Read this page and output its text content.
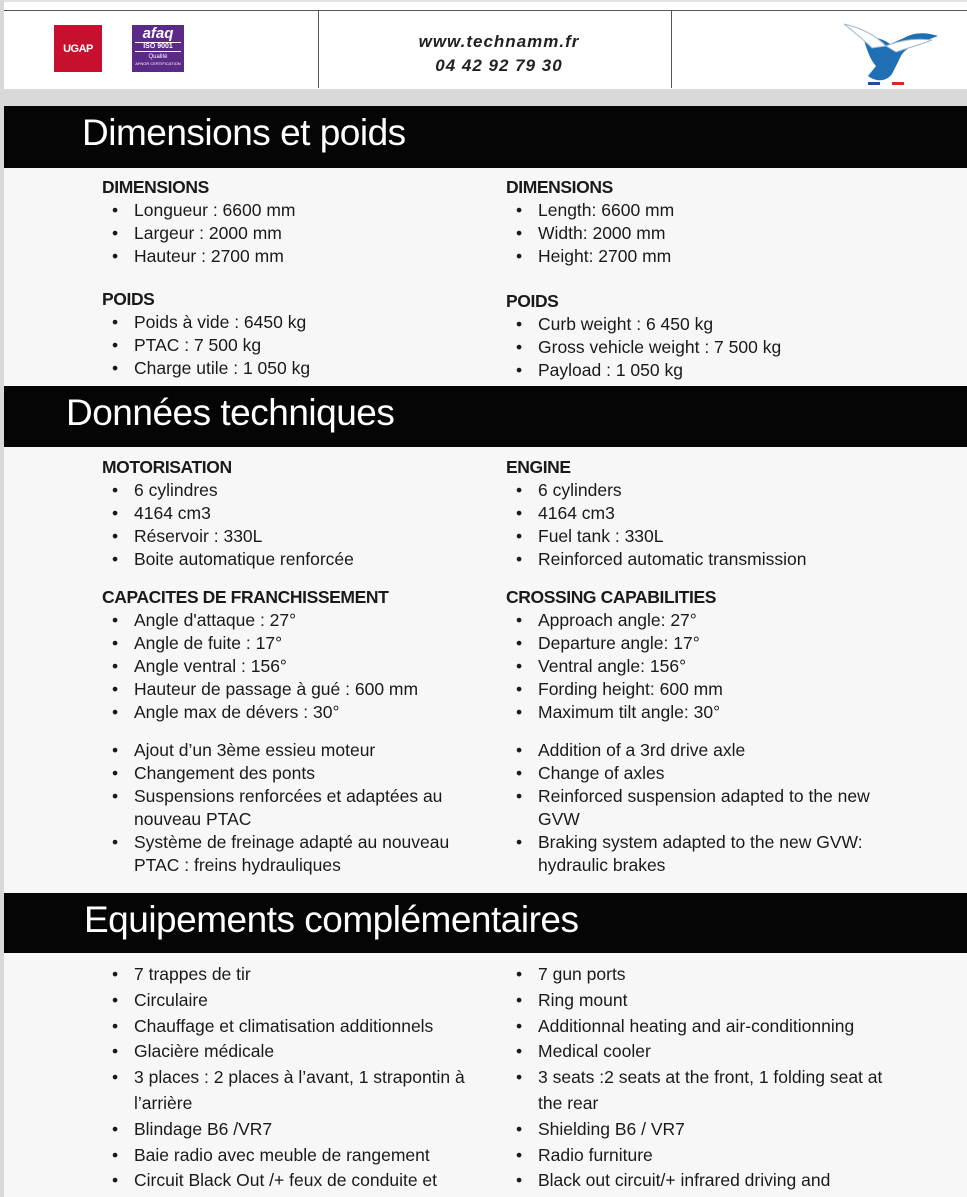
UGAP
afaq
ISO 9001
Qualité
AFNOR CERTIFICATION
www.technamm.fr
04 42 92 79 30
Dimensions et poids
DIMENSIONS
• Longueur : 6600 mm
• Largeur : 2000 mm
• Hauteur : 2700 mm
POIDS
• Poids à vide : 6450 kg
• PTAC : 7 500 kg
• Charge utile : 1 050 kg
DIMENSIONS
• Length: 6600 mm
• Width: 2000 mm
• Height: 2700 mm
POIDS
• Curb weight : 6 450 kg
• Gross vehicle weight : 7 500 kg
• Payload : 1 050 kg
Données techniques
MOTORISATION
• 6 cylindres
• 4164 cm3
• Réservoir : 330L
• Boite automatique renforcée
CAPACITES DE FRANCHISSEMENT
• Angle d'attaque : 27°
• Angle de fuite : 17°
• Angle ventral : 156°
• Hauteur de passage à gué : 600 mm
• Angle max de dévers : 30°
• Ajout d’un 3ème essieu moteur
• Changement des ponts
• Suspensions renforcées et adaptées au nouveau PTAC
• Système de freinage adapté au nouveau PTAC : freins hydrauliques
ENGINE
• 6 cylinders
• 4164 cm3
• Fuel tank : 330L
• Reinforced automatic transmission
CROSSING CAPABILITIES
• Approach angle: 27°
• Departure angle: 17°
• Ventral angle: 156°
• Fording height: 600 mm
• Maximum tilt angle: 30°
• Addition of a 3rd drive axle
• Change of axles
• Reinforced suspension adapted to the new GVW
• Braking system adapted to the new GVW: hydraulic brakes
Equipements complémentaires
• 7 trappes de tir
• Circulaire
• Chauffage et climatisation additionnels
• Glacière médicale
• 3 places : 2 places à l’avant, 1 strapontin à l’arrière
• Blindage B6 /VR7
• Baie radio avec meuble de rangement
• Circuit Black Out /+ feux de conduite et
• 7 gun ports
• Ring mount
• Additionnal heating and air-conditionning
• Medical cooler
• 3 seats :2 seats at the front, 1 folding seat at the rear
• Shielding B6 / VR7
• Radio furniture
• Black out circuit/+ infrared driving and
